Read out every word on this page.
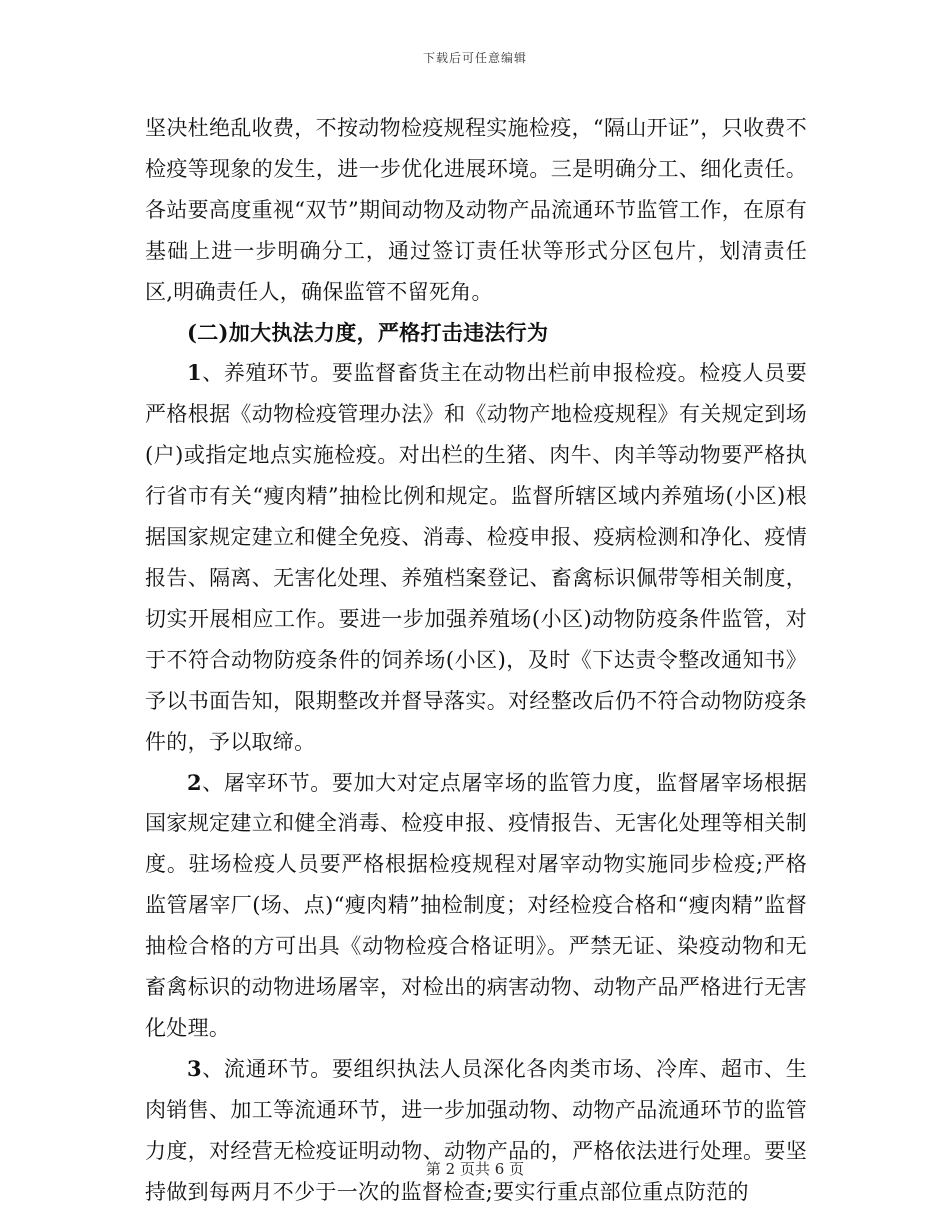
下载后可任意编辑

坚决杜绝乱收费，不按动物检疫规程实施检疫，“隔山开证”，只收费不检疫等现象的发生，进一步优化进展环境。三是明确分工、细化责任。各站要高度重视“双节”期间动物及动物产品流通环节监管工作，在原有基础上进一步明确分工，通过签订责任状等形式分区包片，划清责任区,明确责任人，确保监管不留死角。

(二)加大执法力度，严格打击违法行为

1、养殖环节。要监督畜货主在动物出栏前申报检疫。检疫人员要严格根据《动物检疫管理办法》和《动物产地检疫规程》有关规定到场(户)或指定地点实施检疫。对出栏的生猪、肉牛、肉羊等动物要严格执行省市有关“瘦肉精”抽检比例和规定。监督所辖区域内养殖场(小区)根据国家规定建立和健全免疫、消毒、检疫申报、疫病检测和净化、疫情报告、隔离、无害化处理、养殖档案登记、畜禽标识佩带等相关制度，切实开展相应工作。要进一步加强养殖场(小区)动物防疫条件监管，对于不符合动物防疫条件的饲养场(小区)，及时《下达责令整改通知书》予以书面告知，限期整改并督导落实。对经整改后仍不符合动物防疫条件的，予以取缔。

2、屠宰环节。要加大对定点屠宰场的监管力度，监督屠宰场根据国家规定建立和健全消毒、检疫申报、疫情报告、无害化处理等相关制度。驻场检疫人员要严格根据检疫规程对屠宰动物实施同步检疫;严格监管屠宰厂(场、点)“瘦肉精”抽检制度；对经检疫合格和“瘦肉精”监督抽检合格的方可出具《动物检疫合格证明》。严禁无证、染疫动物和无畜禽标识的动物进场屠宰，对检出的病害动物、动物产品严格进行无害化处理。

3、流通环节。要组织执法人员深化各肉类市场、冷库、超市、生肉销售、加工等流通环节，进一步加强动物、动物产品流通环节的监管力度，对经营无检疫证明动物、动物产品的，严格依法进行处理。要坚持做到每两月不少于一次的监督检查;要实行重点部位重点防范的

第 2 页共 6 页
